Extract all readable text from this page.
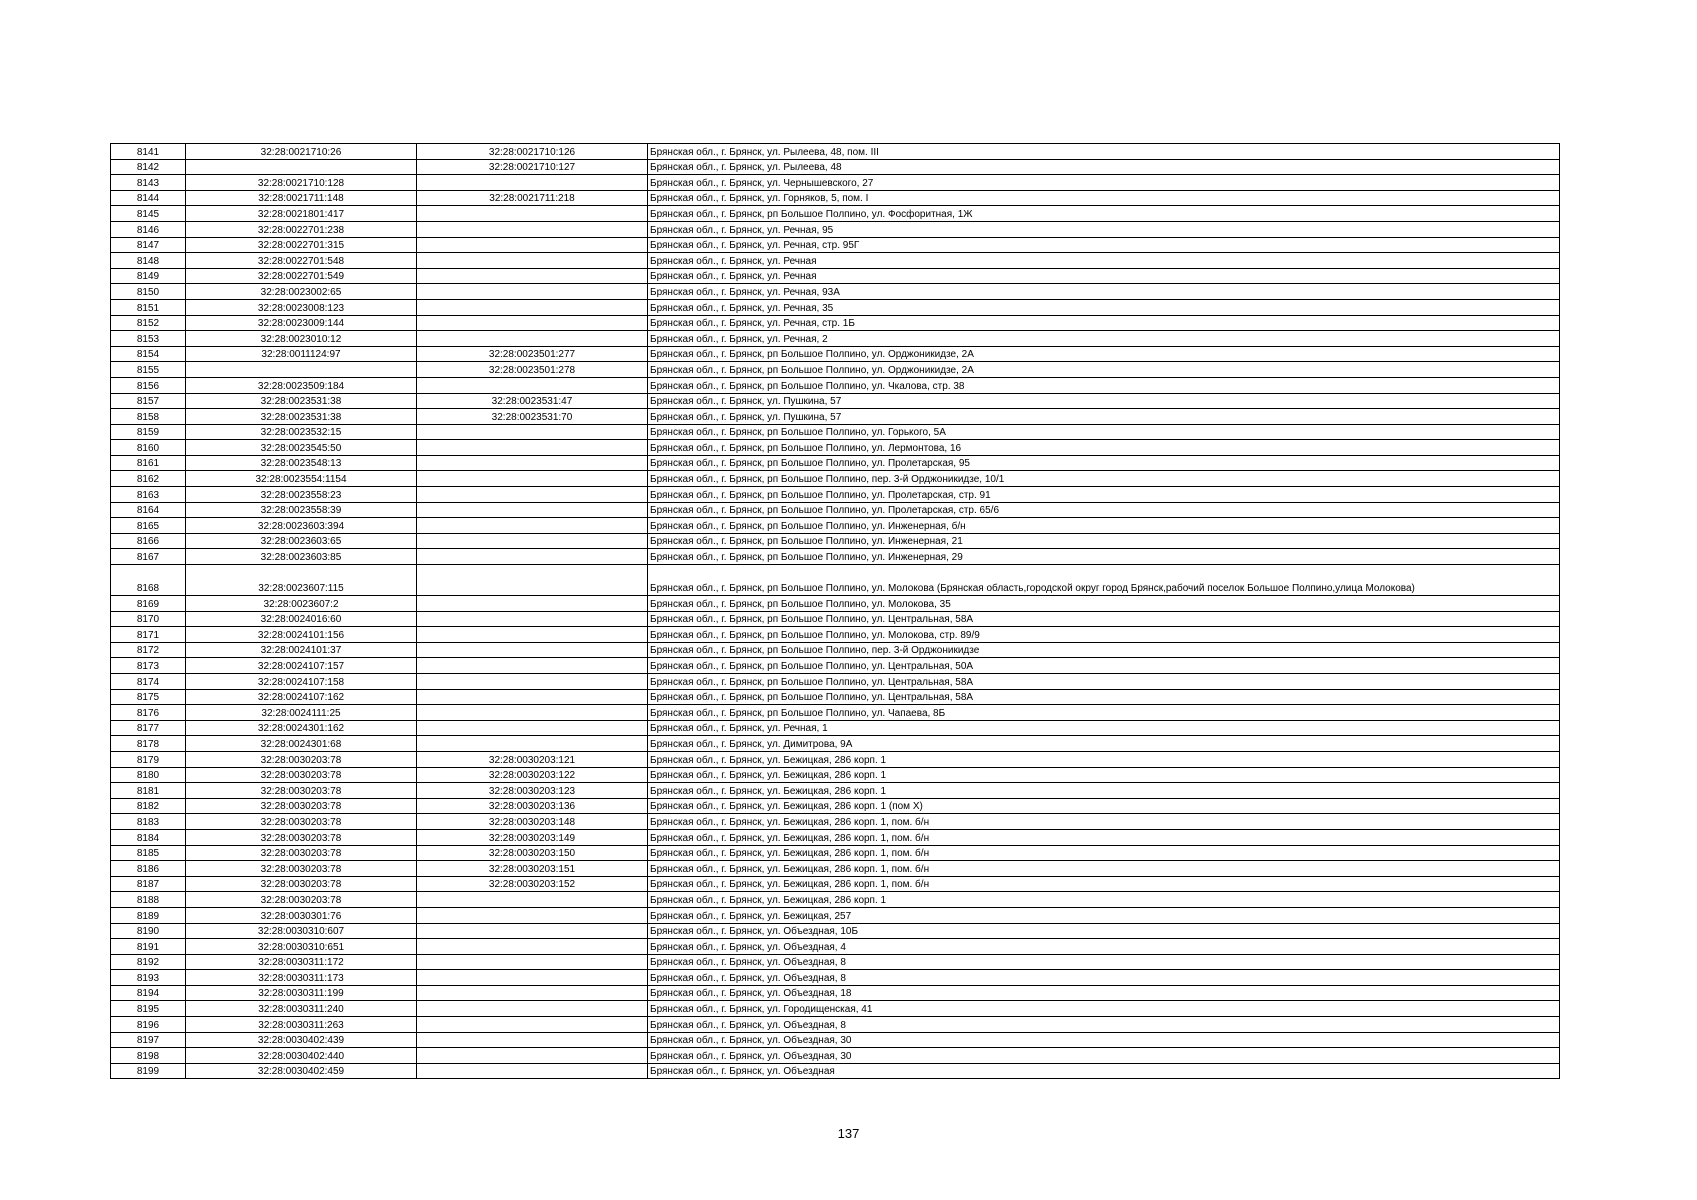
8141	32:28:0021710:26	32:28:0021710:126	Брянская обл., г. Брянск, ул. Рылеева, 48, пом. III
8142		32:28:0021710:127	Брянская обл., г. Брянск, ул. Рылеева, 48
8143	32:28:0021710:128		Брянская обл., г. Брянск, ул. Чернышевского, 27
8144	32:28:0021711:148	32:28:0021711:218	Брянская обл., г. Брянск, ул. Горняков, 5, пом. I
8145	32:28:0021801:417		Брянская обл., г. Брянск, рп Большое Полпино, ул. Фосфоритная, 1Ж
8146	32:28:0022701:238		Брянская обл., г. Брянск, ул. Речная, 95
8147	32:28:0022701:315		Брянская обл., г. Брянск, ул. Речная, стр. 95Г
8148	32:28:0022701:548		Брянская обл., г. Брянск, ул. Речная
8149	32:28:0022701:549		Брянская обл., г. Брянск, ул. Речная
8150	32:28:0023002:65		Брянская обл., г. Брянск, ул. Речная, 93А
8151	32:28:0023008:123		Брянская обл., г. Брянск, ул. Речная, 35
8152	32:28:0023009:144		Брянская обл., г. Брянск, ул. Речная, стр. 1Б
8153	32:28:0023010:12		Брянская обл., г. Брянск, ул. Речная, 2
8154	32:28:0011124:97	32:28:0023501:277	Брянская обл., г. Брянск, рп Большое Полпино, ул. Орджоникидзе, 2А
8155		32:28:0023501:278	Брянская обл., г. Брянск, рп Большое Полпино, ул. Орджоникидзе, 2А
8156	32:28:0023509:184		Брянская обл., г. Брянск, рп Большое Полпино, ул. Чкалова, стр. 38
8157	32:28:0023531:38	32:28:0023531:47	Брянская обл., г. Брянск, ул. Пушкина, 57
8158	32:28:0023531:38	32:28:0023531:70	Брянская обл., г. Брянск, ул. Пушкина, 57
8159	32:28:0023532:15		Брянская обл., г. Брянск, рп Большое Полпино, ул. Горького, 5А
8160	32:28:0023545:50		Брянская обл., г. Брянск, рп Большое Полпино, ул. Лермонтова, 16
8161	32:28:0023548:13		Брянская обл., г. Брянск, рп Большое Полпино, ул. Пролетарская, 95
8162	32:28:0023554:1154		Брянская обл., г. Брянск, рп Большое Полпино, пер. 3-й Орджоникидзе, 10/1
8163	32:28:0023558:23		Брянская обл., г. Брянск, рп Большое Полпино, ул. Пролетарская, стр. 91
8164	32:28:0023558:39		Брянская обл., г. Брянск, рп Большое Полпино, ул. Пролетарская, стр. 65/6
8165	32:28:0023603:394		Брянская обл., г. Брянск, рп Большое Полпино, ул. Инженерная, б/н
8166	32:28:0023603:65		Брянская обл., г. Брянск, рп Большое Полпино, ул. Инженерная, 21
8167	32:28:0023603:85		Брянская обл., г. Брянск, рп Большое Полпино, ул. Инженерная, 29
8168	32:28:0023607:115		Брянская обл., г. Брянск, рп Большое Полпино, ул. Молокова (Брянская область,городской округ город Брянск,рабочий поселок Большое Полпино,улица Молокова)
8169	32:28:0023607:2		Брянская обл., г. Брянск, рп Большое Полпино, ул. Молокова, 35
8170	32:28:0024016:60		Брянская обл., г. Брянск, рп Большое Полпино, ул. Центральная, 58А
8171	32:28:0024101:156		Брянская обл., г. Брянск, рп Большое Полпино, ул. Молокова, стр. 89/9
8172	32:28:0024101:37		Брянская обл., г. Брянск, рп Большое Полпино, пер. 3-й Орджоникидзе
8173	32:28:0024107:157		Брянская обл., г. Брянск, рп Большое Полпино, ул. Центральная, 50А
8174	32:28:0024107:158		Брянская обл., г. Брянск, рп Большое Полпино, ул. Центральная, 58А
8175	32:28:0024107:162		Брянская обл., г. Брянск, рп Большое Полпино, ул. Центральная, 58А
8176	32:28:0024111:25		Брянская обл., г. Брянск, рп Большое Полпино, ул. Чапаева, 8Б
8177	32:28:0024301:162		Брянская обл., г. Брянск, ул. Речная, 1
8178	32:28:0024301:68		Брянская обл., г. Брянск, ул. Димитрова, 9А
8179	32:28:0030203:78	32:28:0030203:121	Брянская обл., г. Брянск, ул. Бежицкая, 286 корп. 1
8180	32:28:0030203:78	32:28:0030203:122	Брянская обл., г. Брянск, ул. Бежицкая, 286 корп. 1
8181	32:28:0030203:78	32:28:0030203:123	Брянская обл., г. Брянск, ул. Бежицкая, 286 корп. 1
8182	32:28:0030203:78	32:28:0030203:136	Брянская обл., г. Брянск, ул. Бежицкая, 286 корп. 1 (пом X)
8183	32:28:0030203:78	32:28:0030203:148	Брянская обл., г. Брянск, ул. Бежицкая, 286 корп. 1, пом. б/н
8184	32:28:0030203:78	32:28:0030203:149	Брянская обл., г. Брянск, ул. Бежицкая, 286 корп. 1, пом. б/н
8185	32:28:0030203:78	32:28:0030203:150	Брянская обл., г. Брянск, ул. Бежицкая, 286 корп. 1, пом. б/н
8186	32:28:0030203:78	32:28:0030203:151	Брянская обл., г. Брянск, ул. Бежицкая, 286 корп. 1, пом. б/н
8187	32:28:0030203:78	32:28:0030203:152	Брянская обл., г. Брянск, ул. Бежицкая, 286 корп. 1, пом. б/н
8188	32:28:0030203:78		Брянская обл., г. Брянск, ул. Бежицкая, 286 корп. 1
8189	32:28:0030301:76		Брянская обл., г. Брянск, ул. Бежицкая, 257
8190	32:28:0030310:607		Брянская обл., г. Брянск, ул. Объездная, 10Б
8191	32:28:0030310:651		Брянская обл., г. Брянск, ул. Объездная, 4
8192	32:28:0030311:172		Брянская обл., г. Брянск, ул. Объездная, 8
8193	32:28:0030311:173		Брянская обл., г. Брянск, ул. Объездная, 8
8194	32:28:0030311:199		Брянская обл., г. Брянск, ул. Объездная, 18
8195	32:28:0030311:240		Брянская обл., г. Брянск, ул. Городищенская, 41
8196	32:28:0030311:263		Брянская обл., г. Брянск, ул. Объездная, 8
8197	32:28:0030402:439		Брянская обл., г. Брянск, ул. Объездная, 30
8198	32:28:0030402:440		Брянская обл., г. Брянск, ул. Объездная, 30
8199	32:28:0030402:459		Брянская обл., г. Брянск, ул. Объездная
137
